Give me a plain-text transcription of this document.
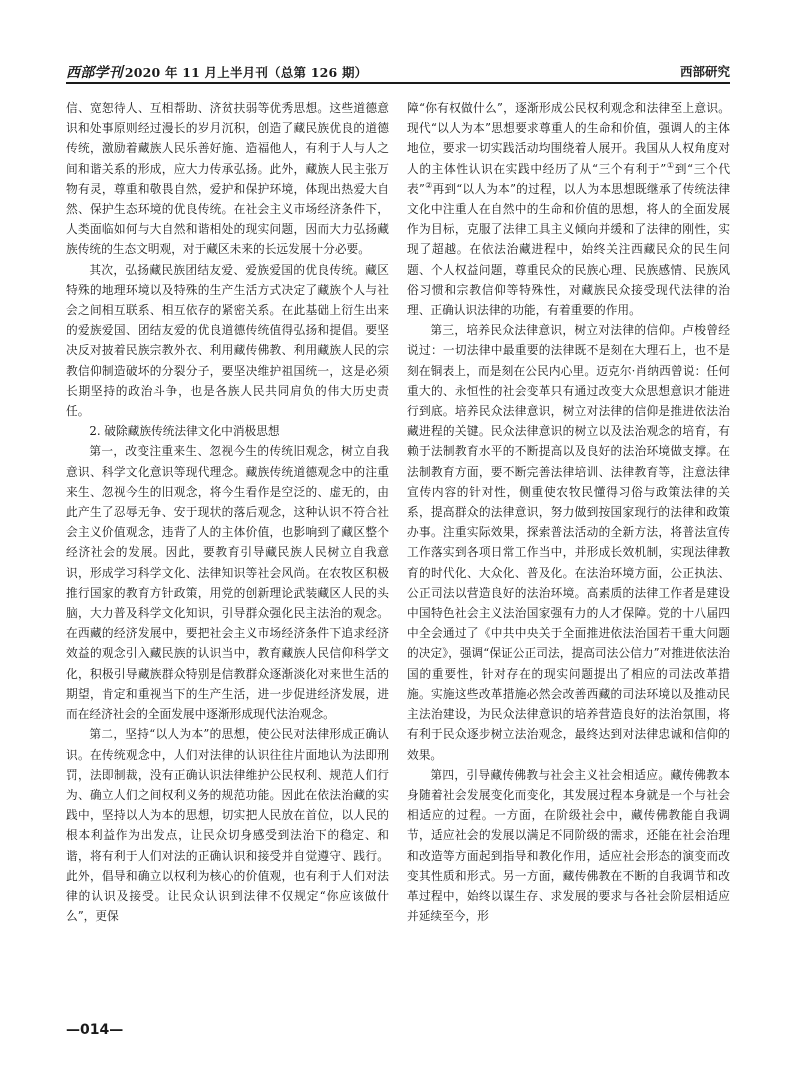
西部学刊 2020 年 11 月上半月刊（总第 126 期）	西部研究

信、宽恕待人、互相帮助、济贫扶弱等优秀思想。这些道德意识和处事原则经过漫长的岁月沉积，创造了藏民族优良的道德传统，激励着藏族人民乐善好施、造福他人，有利于人与人之间和谐关系的形成，应大力传承弘扬。此外，藏族人民主张万物有灵，尊重和敬畏自然，爱护和保护环境，体现出热爱大自然、保护生态环境的优良传统。在社会主义市场经济条件下，人类面临如何与大自然和谐相处的现实问题，因而大力弘扬藏族传统的生态文明观，对于藏区未来的长远发展十分必要。

其次，弘扬藏民族团结友爱、爱族爱国的优良传统。藏区特殊的地理环境以及特殊的生产生活方式决定了藏族个人与社会之间相互联系、相互依存的紧密关系。在此基础上衍生出来的爱族爱国、团结友爱的优良道德传统值得弘扬和提倡。要坚决反对披着民族宗教外衣、利用藏传佛教、利用藏族人民的宗教信仰制造破坏的分裂分子，要坚决维护祖国统一，这是必须长期坚持的政治斗争，也是各族人民共同肩负的伟大历史责任。

2. 破除藏族传统法律文化中消极思想

第一，改变注重来生、忽视今生的传统旧观念，树立自我意识、科学文化意识等现代理念。藏族传统道德观念中的注重来生、忽视今生的旧观念，将今生看作是空泛的、虚无的，由此产生了忍辱无争、安于现状的落后观念，这种认识不符合社会主义价值观念，违背了人的主体价值，也影响到了藏区整个经济社会的发展。因此，要教育引导藏民族人民树立自我意识，形成学习科学文化、法律知识等社会风尚。在农牧区积极推行国家的教育方针政策，用党的创新理论武装藏区人民的头脑，大力普及科学文化知识，引导群众强化民主法治的观念。在西藏的经济发展中，要把社会主义市场经济条件下追求经济效益的观念引入藏民族的认识当中，教育藏族人民信仰科学文化，积极引导藏族群众特别是信教群众逐渐淡化对来世生活的期望，肯定和重视当下的生产生活，进一步促进经济发展，进而在经济社会的全面发展中逐渐形成现代法治观念。

第二，坚持“以人为本”的思想，使公民对法律形成正确认识。在传统观念中，人们对法律的认识往往片面地认为法即刑罚，法即制裁，没有正确认识法律维护公民权利、规范人们行为、确立人们之间权利义务的规范功能。因此在依法治藏的实践中，坚持以人为本的思想，切实把人民放在首位，以人民的根本利益作为出发点，让民众切身感受到法治下的稳定、和谐，将有利于人们对法的正确认识和接受并自觉遵守、践行。此外，倡导和确立以权利为核心的价值观，也有利于人们对法律的认识及接受。让民众认识到法律不仅规定“你应该做什么”，更保

障“你有权做什么”，逐渐形成公民权利观念和法律至上意识。现代“以人为本”思想要求尊重人的生命和价值，强调人的主体地位，要求一切实践活动均围绕着人展开。我国从人权角度对人的主体性认识在实践中经历了从“三个有利于”①到“三个代表”②再到“以人为本”的过程，以人为本思想既继承了传统法律文化中注重人在自然中的生命和价值的思想，将人的全面发展作为目标，克服了法律工具主义倾向并缓和了法律的刚性，实现了超越。在依法治藏进程中，始终关注西藏民众的民生问题、个人权益问题，尊重民众的民族心理、民族感情、民族风俗习惯和宗教信仰等特殊性，对藏族民众接受现代法律的治理、正确认识法律的功能，有着重要的作用。

第三，培养民众法律意识，树立对法律的信仰。卢梭曾经说过：一切法律中最重要的法律既不是刻在大理石上，也不是刻在铜表上，而是刻在公民内心里。迈克尔·肖纳西曾说：任何重大的、永恒性的社会变革只有通过改变大众思想意识才能进行到底。培养民众法律意识，树立对法律的信仰是推进依法治藏进程的关键。民众法律意识的树立以及法治观念的培育，有赖于法制教育水平的不断提高以及良好的法治环境做支撑。在法制教育方面，要不断完善法律培训、法律教育等，注意法律宣传内容的针对性，侧重使农牧民懂得习俗与政策法律的关系，提高群众的法律意识，努力做到按国家现行的法律和政策办事。注重实际效果，探索普法活动的全新方法，将普法宣传工作落实到各项日常工作当中，并形成长效机制，实现法律教育的时代化、大众化、普及化。在法治环境方面，公正执法、公正司法以营造良好的法治环境。高素质的法律工作者是建设中国特色社会主义法治国家强有力的人才保障。党的十八届四中全会通过了《中共中央关于全面推进依法治国若干重大问题的决定》，强调“保证公正司法，提高司法公信力”对推进依法治国的重要性，针对存在的现实问题提出了相应的司法改革措施。实施这些改革措施必然会改善西藏的司法环境以及推动民主法治建设，为民众法律意识的培养营造良好的法治氛围，将有利于民众逐步树立法治观念，最终达到对法律忠诚和信仰的效果。

第四，引导藏传佛教与社会主义社会相适应。藏传佛教本身随着社会发展变化而变化，其发展过程本身就是一个与社会相适应的过程。一方面，在阶级社会中，藏传佛教能自我调节，适应社会的发展以满足不同阶级的需求，还能在社会治理和改造等方面起到指导和教化作用，适应社会形态的演变而改变其性质和形式。另一方面，藏传佛教在不断的自我调节和改革过程中，始终以谋生存、求发展的要求与各社会阶层相适应并延续至今，形

—014—
